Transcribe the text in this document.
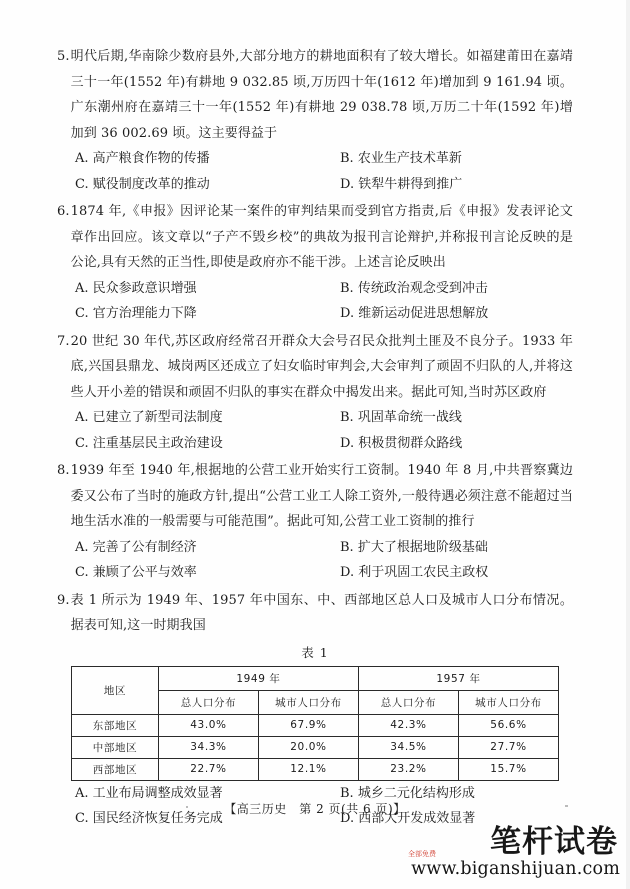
5. 明代后期,华南除少数府县外,大部分地方的耕地面积有了较大增长。如福建莆田在嘉靖三十一年(1552 年)有耕地 9 032.85 顷,万历四十年(1612 年)增加到 9 161.94 顷。广东潮州府在嘉靖三十一年(1552 年)有耕地 29 038.78 顷,万历二十年(1592 年)增加到 36 002.69 顷。这主要得益于
A. 高产粮食作物的传播	B. 农业生产技术革新
C. 赋役制度改革的推动	D. 铁犁牛耕得到推广
6. 1874 年,《申报》因评论某一案件的审判结果而受到官方指责,后《申报》发表评论文章作出回应。该文章以“子产不毁乡校”的典故为报刊言论辩护,并称报刊言论反映的是公论,具有天然的正当性,即使是政府亦不能干涉。上述言论反映出
A. 民众参政意识增强	B. 传统政治观念受到冲击
C. 官方治理能力下降	D. 维新运动促进思想解放
7. 20 世纪 30 年代,苏区政府经常召开群众大会号召民众批判土匪及不良分子。1933 年底,兴国县鼎龙、城岗两区还成立了妇女临时审判会,大会审判了顽固不归队的人,并将这些人开小差的错误和顽固不归队的事实在群众中揭发出来。据此可知,当时苏区政府
A. 已建立了新型司法制度	B. 巩固革命统一战线
C. 注重基层民主政治建设	D. 积极贯彻群众路线
8. 1939 年至 1940 年,根据地的公营工业开始实行工资制。1940 年 8 月,中共晋察冀边委又公布了当时的施政方针,提出“公营工业工人除工资外,一般待遇必须注意不能超过当地生活水准的一般需要与可能范围”。据此可知,公营工业工资制的推行
A. 完善了公有制经济	B. 扩大了根据地阶级基础
C. 兼顾了公平与效率	D. 利于巩固工农民主政权
9. 表 1 所示为 1949 年、1957 年中国东、中、西部地区总人口及城市人口分布情况。据表可知,这一时期我国
表 1
地区	1949 年		1957 年	
	总人口分布	城市人口分布	总人口分布	城市人口分布
东部地区	43.0%	67.9%	42.3%	56.6%
中部地区	34.3%	20.0%	34.5%	27.7%
西部地区	22.7%	12.1%	23.2%	15.7%
A. 工业布局调整成效显著	B. 城乡二元化结构形成
C. 国民经济恢复任务完成	D. 西部大开发成效显著
【高三历史　第 2 页(共 6 页)】
全部免费	笔杆试卷
www.biganshijuan.com
